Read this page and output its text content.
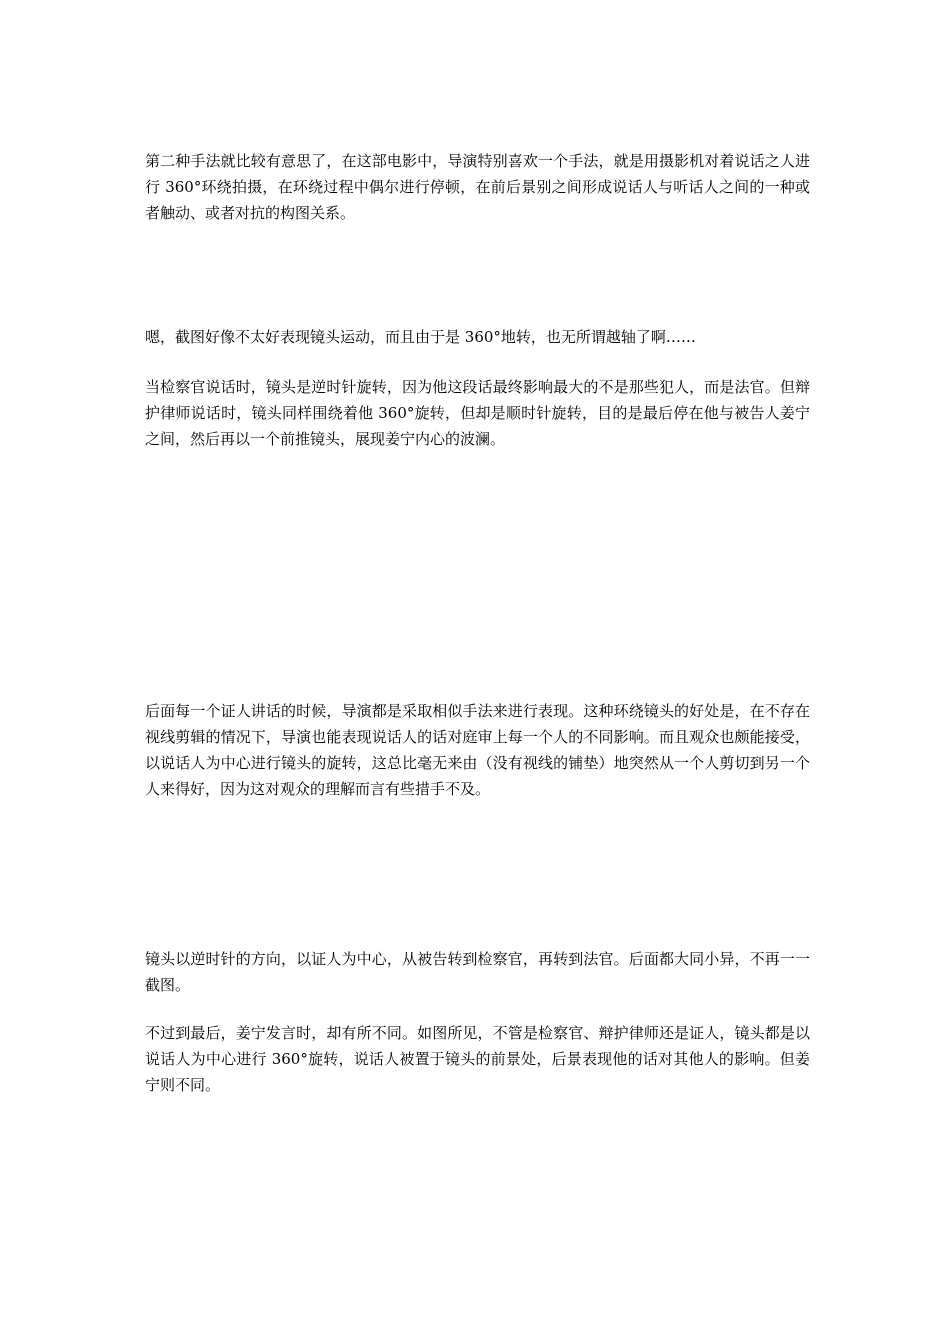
第二种手法就比较有意思了，在这部电影中，导演特别喜欢一个手法，就是用摄影机对着说话之人进行 360°环绕拍摄，在环绕过程中偶尔进行停顿，在前后景别之间形成说话人与听话人之间的一种或者触动、或者对抗的构图关系。

嗯，截图好像不太好表现镜头运动，而且由于是 360°地转，也无所谓越轴了啊……

当检察官说话时，镜头是逆时针旋转，因为他这段话最终影响最大的不是那些犯人，而是法官。但辩护律师说话时，镜头同样围绕着他 360°旋转，但却是顺时针旋转，目的是最后停在他与被告人姜宁之间，然后再以一个前推镜头，展现姜宁内心的波澜。

后面每一个证人讲话的时候，导演都是采取相似手法来进行表现。这种环绕镜头的好处是，在不存在视线剪辑的情况下，导演也能表现说话人的话对庭审上每一个人的不同影响。而且观众也颇能接受，以说话人为中心进行镜头的旋转，这总比毫无来由（没有视线的铺垫）地突然从一个人剪切到另一个人来得好，因为这对观众的理解而言有些措手不及。

镜头以逆时针的方向，以证人为中心，从被告转到检察官，再转到法官。后面都大同小异，不再一一截图。

不过到最后，姜宁发言时，却有所不同。如图所见，不管是检察官、辩护律师还是证人，镜头都是以说话人为中心进行 360°旋转，说话人被置于镜头的前景处，后景表现他的话对其他人的影响。但姜宁则不同。
